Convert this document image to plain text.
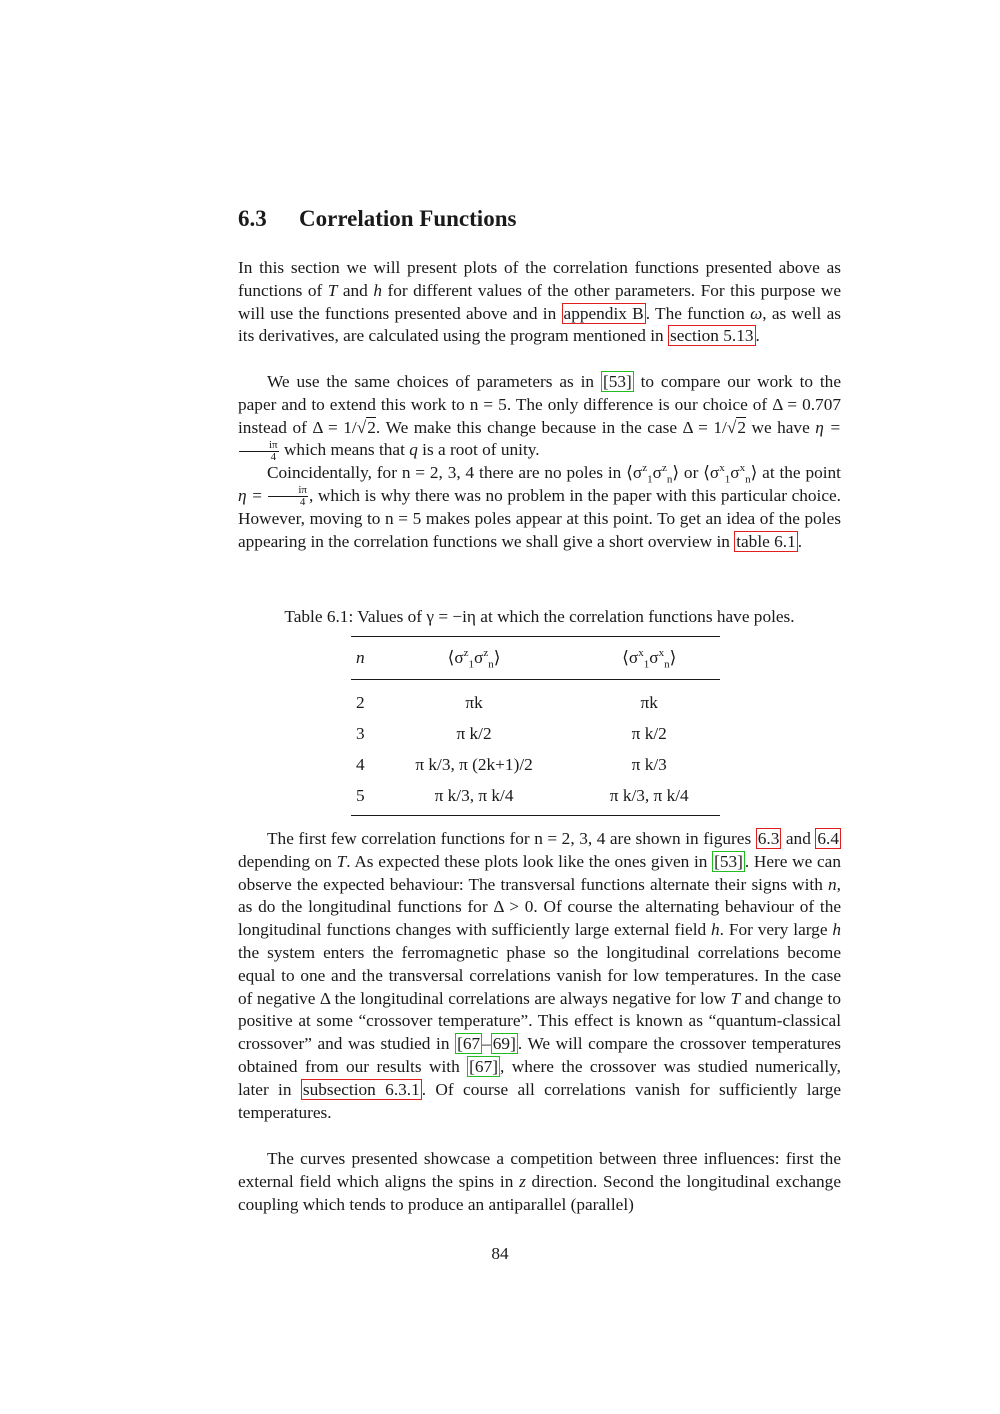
6.3 Correlation Functions

In this section we will present plots of the correlation functions presented above as functions of T and h for different values of the other parameters. For this purpose we will use the functions presented above and in appendix B . The function ω, as well as its derivatives, are calculated using the program mentioned in section 5.13 .

We use the same choices of parameters as in [53] to compare our work to the paper and to extend this work to n = 5. The only difference is our choice of Δ = 0.707 instead of Δ = 1/√2. We make this change because in the case Δ = 1/√2 we have η =
$\frac{i\pi}{4}$ which means that q is a root of unity.

Coincidentally, for n = 2, 3, 4 there are no poles in $⟨\sigma^z_1\sigma^z_n⟩$ or $⟨\sigma^x_1\sigma^x_n⟩$ at the point $\eta = \frac{i\pi}{4}$ , which is why there was no problem in the paper with this particular choice. However, moving to n = 5 makes poles appear at this point. To get an idea of the poles appearing in the correlation functions we shall give a short overview in table 6.1 .

Table 6.1: Values of γ = −iη at which the correlation functions have poles.

n	$⟨\sigma^z_1\sigma^z_n⟩$	$⟨\sigma^x_1\sigma^x_n⟩$
2	πk	πk
3	π k/2	π k/2
4	π k/3, π (2k+1)/2	π k/3
5	π k/3, π k/4	π k/3, π k/4

The first few correlation functions for n = 2, 3, 4 are shown in figures 6.3 and 6.4 depending on T. As expected these plots look like the ones given in [53] . Here we can observe the expected behaviour: The transversal functions alternate their signs with n, as do the longitudinal functions for Δ > 0. Of course the alternating behaviour of the longitudinal functions changes with sufficiently large external field h. For very large h the system enters the ferromagnetic phase so the longitudinal correlations become equal to one and the transversal correlations vanish for low temperatures. In the case of negative Δ the longitudinal correlations are always negative for low T and change to positive at some “crossover temperature”. This effect is known as “quantum-classical crossover” and was studied in [67 – 69] . We will compare the crossover temperatures obtained from our results with [67] , where the crossover was studied numerically, later in subsection 6.3.1 . Of course all correlations vanish for sufficiently large temperatures.

The curves presented showcase a competition between three influences: first the external field which aligns the spins in z direction. Second the longitudinal exchange coupling which tends to produce an antiparallel (parallel)

84
